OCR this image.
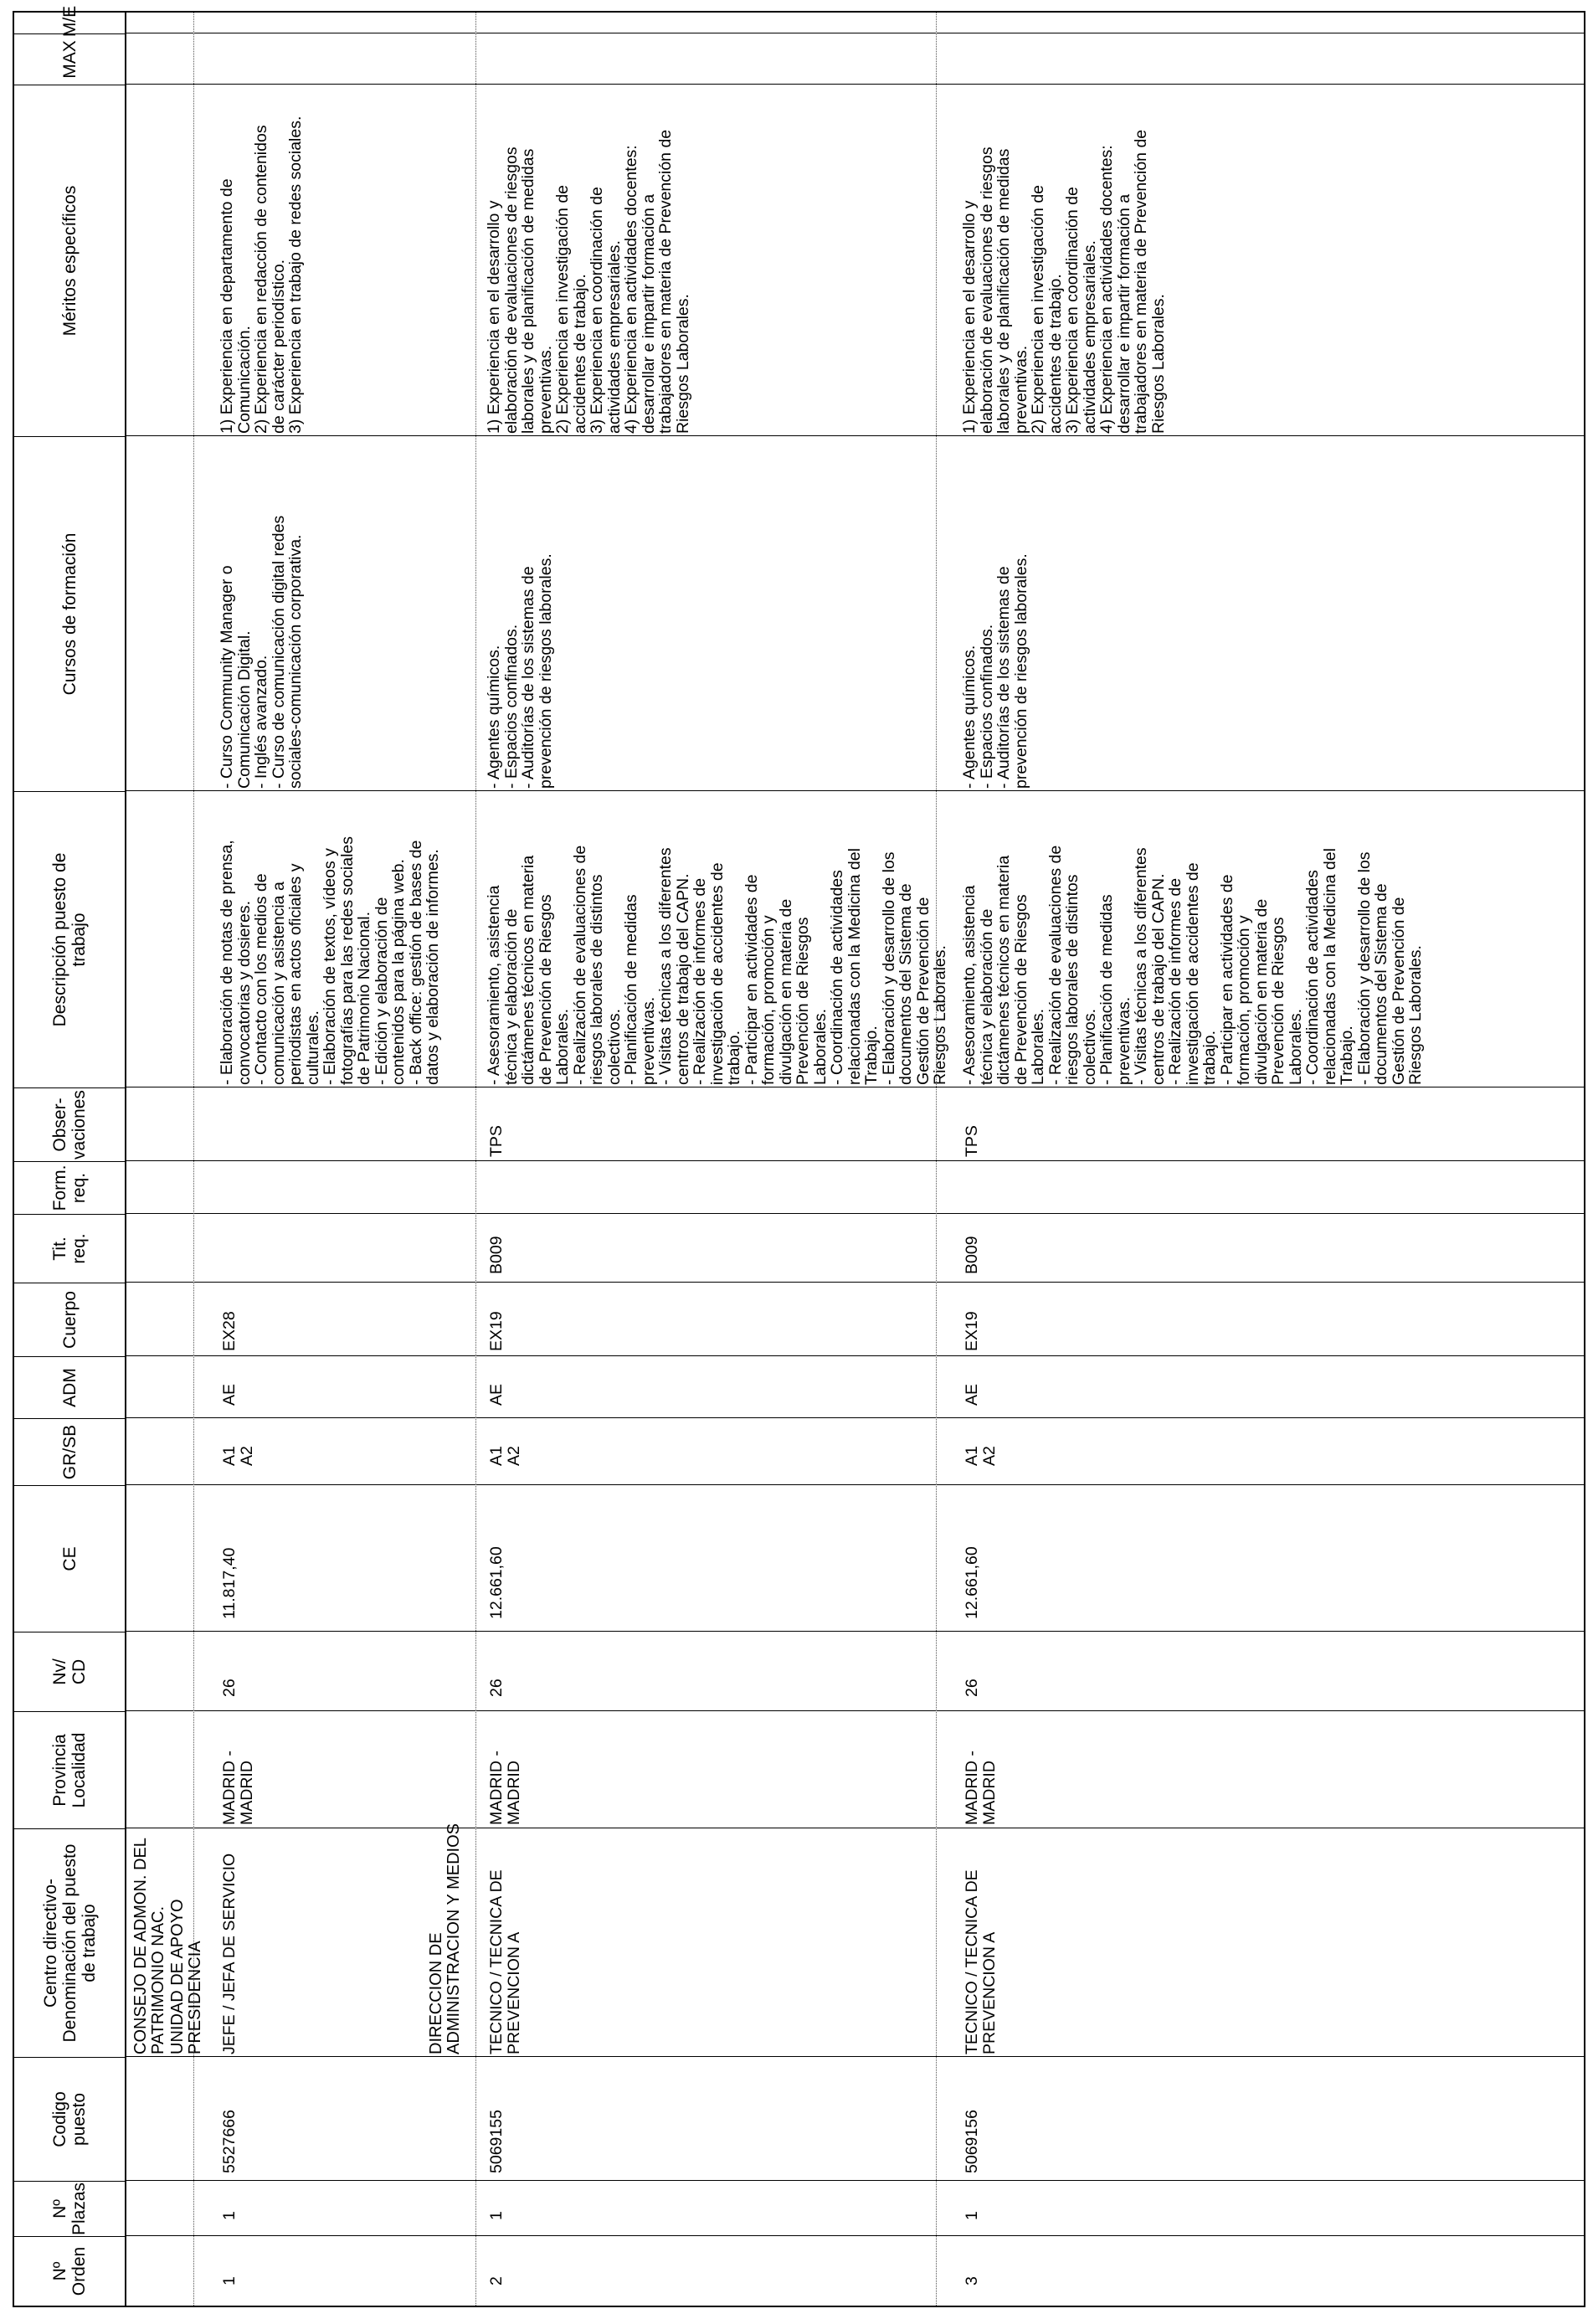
Nº
Orden
Nº
Plazas
Codigo
puesto
Centro directivo-
Denominación del puesto
de trabajo
Provincia
Localidad
Nv/
CD
CE
GR/SB
ADM
Cuerpo
Tit.
req.
Form.
req.
Obser-
vaciones
Descripción puesto de
trabajo
Cursos de formación
Méritos específicos
MAX
M/E
CONSEJO DE ADMON. DEL
PATRIMONIO NAC.
UNIDAD DE APOYO
PRESIDENCIA	DIRECCION DE
ADMINISTRACION Y MEDIOS
1
1
5527666
JEFE / JEFA DE SERVICIO
MADRID -
MADRID
26
11.817,40
A1
A2
AE
EX28
- Elaboración de notas de prensa,
convocatorias y dosieres.
- Contacto con los medios de
comunicación y asistencia a
periodistas en actos oficiales y
culturales.
- Elaboración de textos, vídeos y
fotografías para las redes sociales
de Patrimonio Nacional.
- Edición y elaboración de
contenidos para la página web.
- Back office: gestión de bases de
datos y elaboración de informes.
- Curso Community Manager o
Comunicación Digital.
- Inglés avanzado.
- Curso de comunicación digital redes
sociales-comunicación corporativa.
1) Experiencia en departamento de
Comunicación.
2) Experiencia en redacción de contenidos
de carácter periodístico.
3) Experiencia en trabajo de redes sociales.
2
1
5069155
TECNICO / TECNICA DE
PREVENCION A
MADRID -
MADRID
26
12.661,60
A1
A2
AE
EX19
B009
TPS
- Asesoramiento, asistencia
técnica y elaboración de
dictámenes técnicos en materia
de Prevención de Riesgos
Laborales.
- Realización de evaluaciones de
riesgos laborales de distintos
colectivos.
- Planificación de medidas
preventivas.
- Visitas técnicas a los diferentes
centros de trabajo del CAPN.
- Realización de informes de
investigación de accidentes de
trabajo.
- Participar en actividades de
formación, promoción y
divulgación en materia de
Prevención de Riesgos
Laborales.
- Coordinación de actividades
relacionadas con la Medicina del
Trabajo.
- Elaboración y desarrollo de los
documentos del Sistema de
Gestión de Prevención de
Riesgos Laborales.
- Agentes químicos.
- Espacios confinados.
- Auditorías de los sistemas de
prevención de riesgos laborales.
1) Experiencia en el desarrollo y
elaboración de evaluaciones de riesgos
laborales y de planificación de medidas
preventivas.
2) Experiencia en investigación de
accidentes de trabajo.
3) Experiencia en coordinación de
actividades empresariales.
4) Experiencia en actividades docentes:
desarrollar e impartir formación a
trabajadores en materia de Prevención de
Riesgos Laborales.
3
1
5069156
TECNICO / TECNICA DE
PREVENCION A
MADRID -
MADRID
26
12.661,60
A1
A2
AE
EX19
B009
TPS
- Asesoramiento, asistencia
técnica y elaboración de
dictámenes técnicos en materia
de Prevención de Riesgos
Laborales.
- Realización de evaluaciones de
riesgos laborales de distintos
colectivos.
- Planificación de medidas
preventivas.
- Visitas técnicas a los diferentes
centros de trabajo del CAPN.
- Realización de informes de
investigación de accidentes de
trabajo.
- Participar en actividades de
formación, promoción y
divulgación en materia de
Prevención de Riesgos
Laborales.
- Coordinación de actividades
relacionadas con la Medicina del
Trabajo.
- Elaboración y desarrollo de los
documentos del Sistema de
Gestión de Prevención de
Riesgos Laborales.
- Agentes químicos.
- Espacios confinados.
- Auditorías de los sistemas de
prevención de riesgos laborales.
1) Experiencia en el desarrollo y
elaboración de evaluaciones de riesgos
laborales y de planificación de medidas
preventivas.
2) Experiencia en investigación de
accidentes de trabajo.
3) Experiencia en coordinación de
actividades empresariales.
4) Experiencia en actividades docentes:
desarrollar e impartir formación a
trabajadores en materia de Prevención de
Riesgos Laborales.
